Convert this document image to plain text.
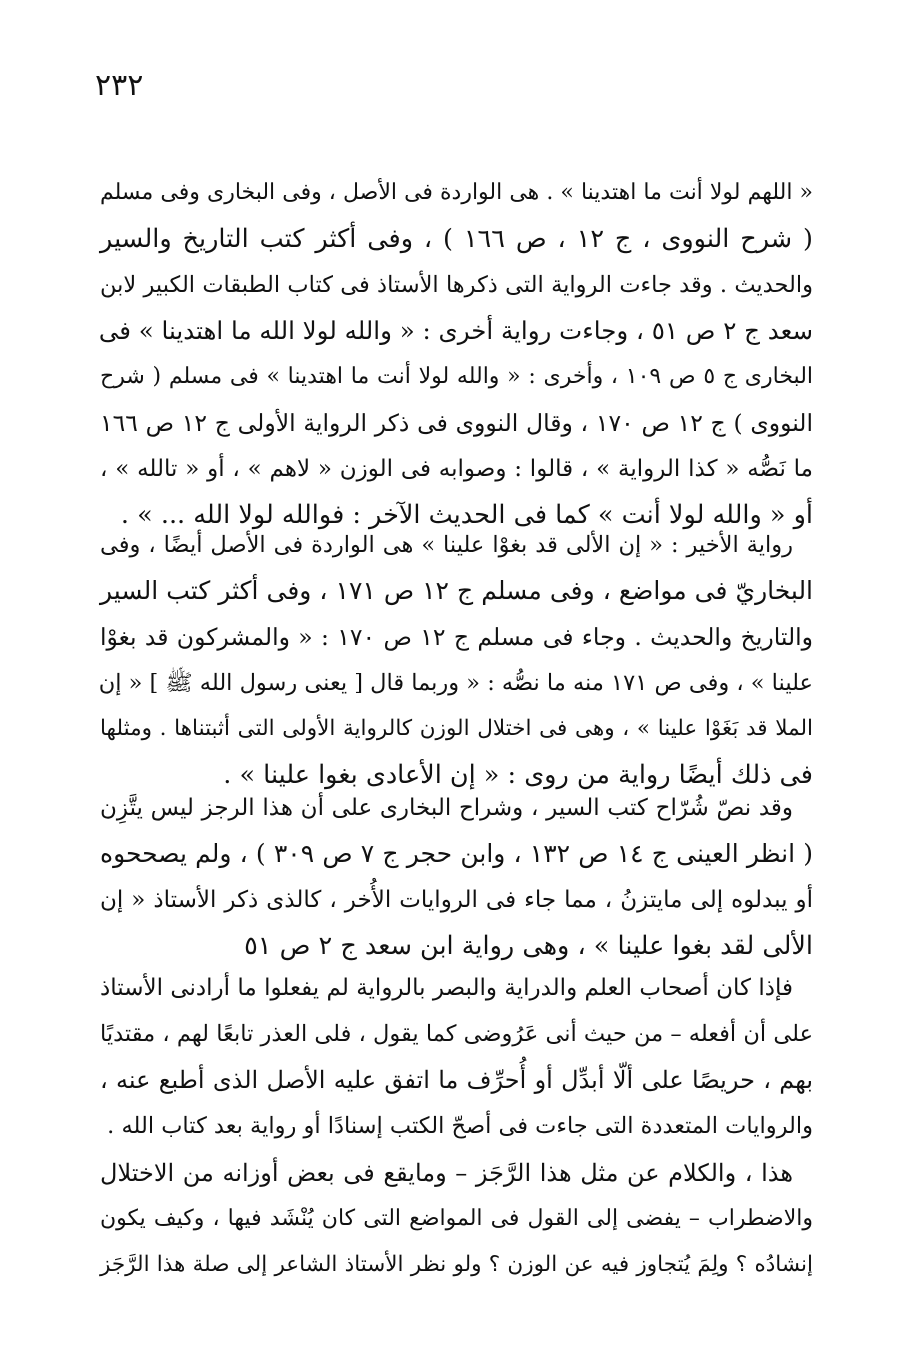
٢٣٢
« اللهم لولا أنت ما اهتدينا » . هى الواردة فى الأصل ، وفى البخارى وفى مسلم
( شرح النووى ، ج ١٢ ، ص ١٦٦ ) ، وفى أكثر كتب التاريخ والسير
والحديث . وقد جاءت الرواية التى ذكرها الأستاذ فى كتاب الطبقات الكبير لابن
سعد ج ٢ ص ٥١ ، وجاءت رواية أخرى : « والله لولا الله ما اهتدينا » فى
البخارى ج ٥ ص ١٠٩ ، وأخرى : « والله لولا أنت ما اهتدينا » فى مسلم ( شرح
النووى ) ج ١٢ ص ١٧٠ ، وقال النووى فى ذكر الرواية الأولى ج ١٢ ص ١٦٦
ما نَصُّه « كذا الرواية » ، قالوا : وصوابه فى الوزن « لاهم » ، أو « تالله » ،
أو « والله لولا أنت » كما فى الحديث الآخر : فوالله لولا الله ... » .
رواية الأخير : « إن الألى قد بغوْا علينا » هى الواردة فى الأصل أيضًا ، وفى
البخاريّ فى مواضع ، وفى مسلم ج ١٢ ص ١٧١ ، وفى أكثر كتب السير
والتاريخ والحديث . وجاء فى مسلم ج ١٢ ص ١٧٠ : « والمشركون قد بغوْا
علينا » ، وفى ص ١٧١ منه ما نصُّه : « وربما قال [ يعنى رسول الله ﷺ ] « إن
الملا قد بَغَوْا علينا » ، وهى فى اختلال الوزن كالرواية الأولى التى أثبتناها . ومثلها
فى ذلك أيضًا رواية من روى : « إن الأعادى بغوا علينا » .
وقد نصّ شُرّاح كتب السير ، وشراح البخارى على أن هذا الرجز ليس يتَّزِن
( انظر العينى ج ١٤ ص ١٣٢ ، وابن حجر ج ٧ ص ٣٠٩ ) ، ولم يصححوه
أو يبدلوه إلى مايتزنُ ، مما جاء فى الروايات الأُخر ، كالذى ذكر الأستاذ « إن
الألى لقد بغوا علينا » ، وهى رواية ابن سعد ج ٢ ص ٥١
فإذا كان أصحاب العلم والدراية والبصر بالرواية لم يفعلوا ما أرادنى الأستاذ
على أن أفعله – من حيث أنى عَرُوضى كما يقول ، فلى العذر تابعًا لهم ، مقتديًا
بهم ، حريصًا على ألّا أبدِّل أو أُحرِّف ما اتفق عليه الأصل الذى أطبع عنه ،
والروايات المتعددة التى جاءت فى أصحّ الكتب إسنادًا أو رواية بعد كتاب الله .
هذا ، والكلام عن مثل هذا الرَّجَز – ومايقع فى بعض أوزانه من الاختلال
والاضطراب – يفضى إلى القول فى المواضع التى كان يُنْشَد فيها ، وكيف يكون
إنشادُه ؟ ولِمَ يُتجاوز فيه عن الوزن ؟ ولو نظر الأستاذ الشاعر إلى صلة هذا الرَّجَز
